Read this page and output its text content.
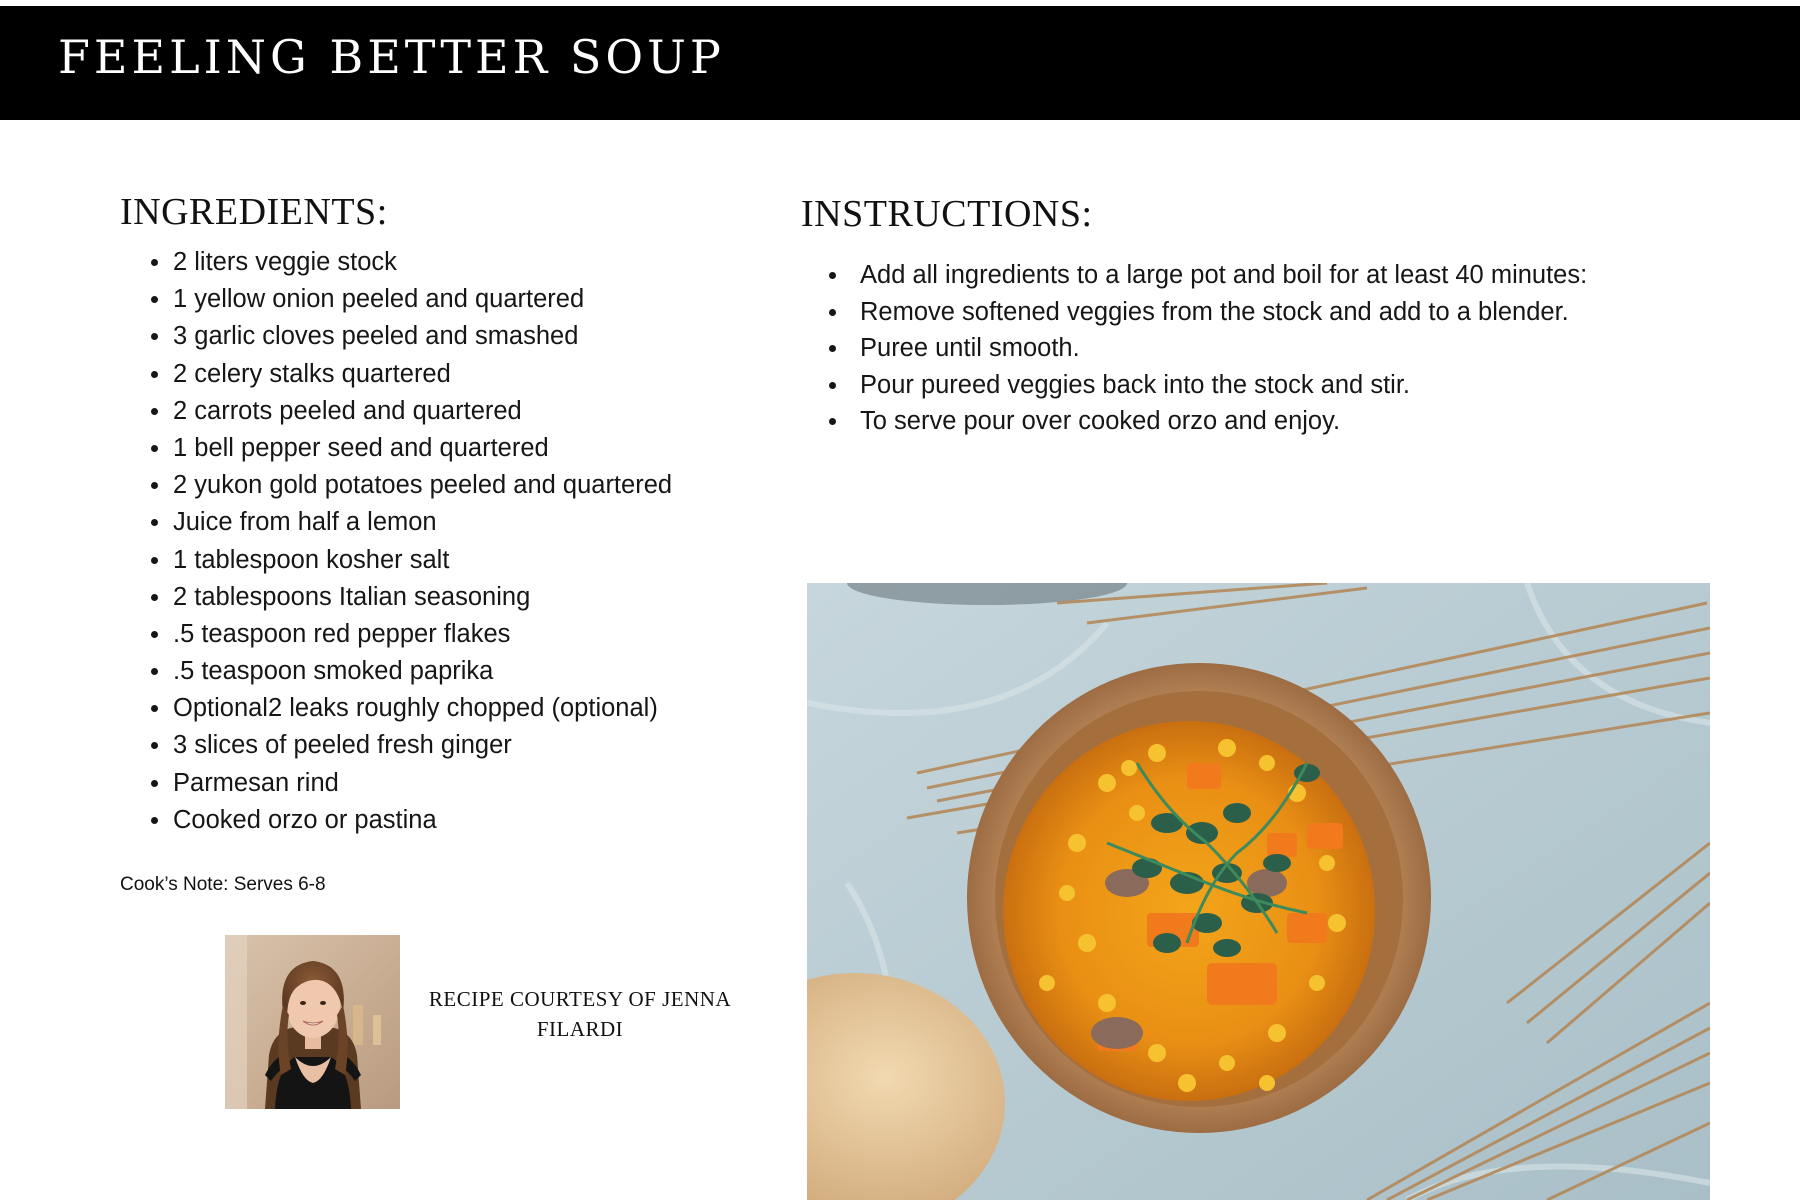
FEELING BETTER SOUP
INGREDIENTS:
2 liters veggie stock
1 yellow onion peeled and quartered
3 garlic cloves peeled and smashed
2 celery stalks quartered
2 carrots peeled and quartered
1 bell pepper seed and quartered
2 yukon gold potatoes peeled and quartered
Juice from half a lemon
1 tablespoon kosher salt
2 tablespoons Italian seasoning
.5 teaspoon red pepper flakes
.5 teaspoon smoked paprika
Optional2 leaks roughly chopped (optional)
3 slices of peeled fresh ginger
Parmesan rind
Cooked orzo or pastina

Cook’s Note: Serves 6-8

RECIPE COURTESY OF JENNA
FILARDI

INSTRUCTIONS:
Add all ingredients to a large pot and boil for at least 40 minutes:
Remove softened veggies from the stock and add to a blender.
Puree until smooth.
Pour pureed veggies back into the stock and stir.
To serve pour over cooked orzo and enjoy.
